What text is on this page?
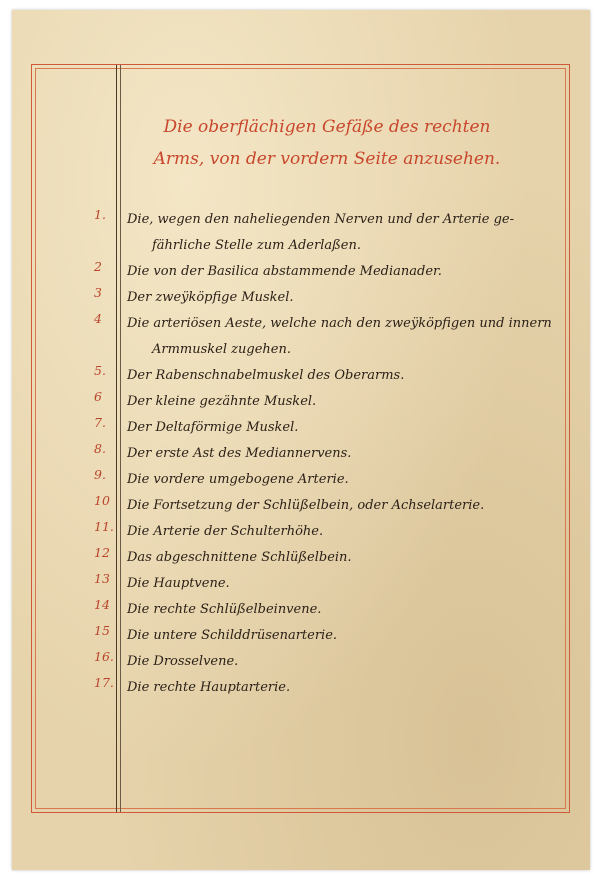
Die oberflächigen Gefäße des rechten
Arms, von der vordern Seite anzusehen.
1.	Die, wegen den naheliegenden Nerven und der Arterie ge-
fährliche Stelle zum Aderlaßen.
2	Die von der Basilica abstammende Medianader.
3	Der zweÿköpfige Muskel.
4	Die arteriösen Aeste, welche nach den zweÿköpfigen und innern
Armmuskel zugehen.
5.	Der Rabenschnabelmuskel des Oberarms.
6	Der kleine gezähnte Muskel.
7.	Der Deltaförmige Muskel.
8.	Der erste Ast des Mediannervens.
9.	Die vordere umgebogene Arterie.
10	Die Fortsetzung der Schlüßelbein, oder Achselarterie.
11. Die Arterie der Schulterhöhe.
12	Das abgeschnittene Schlüßelbein.
13	Die Hauptvene.
14	Die rechte Schlüßelbeinvene.
15	Die untere Schilddrüsenarterie.
16. Die Drosselvene.
17. Die rechte Hauptarterie.
